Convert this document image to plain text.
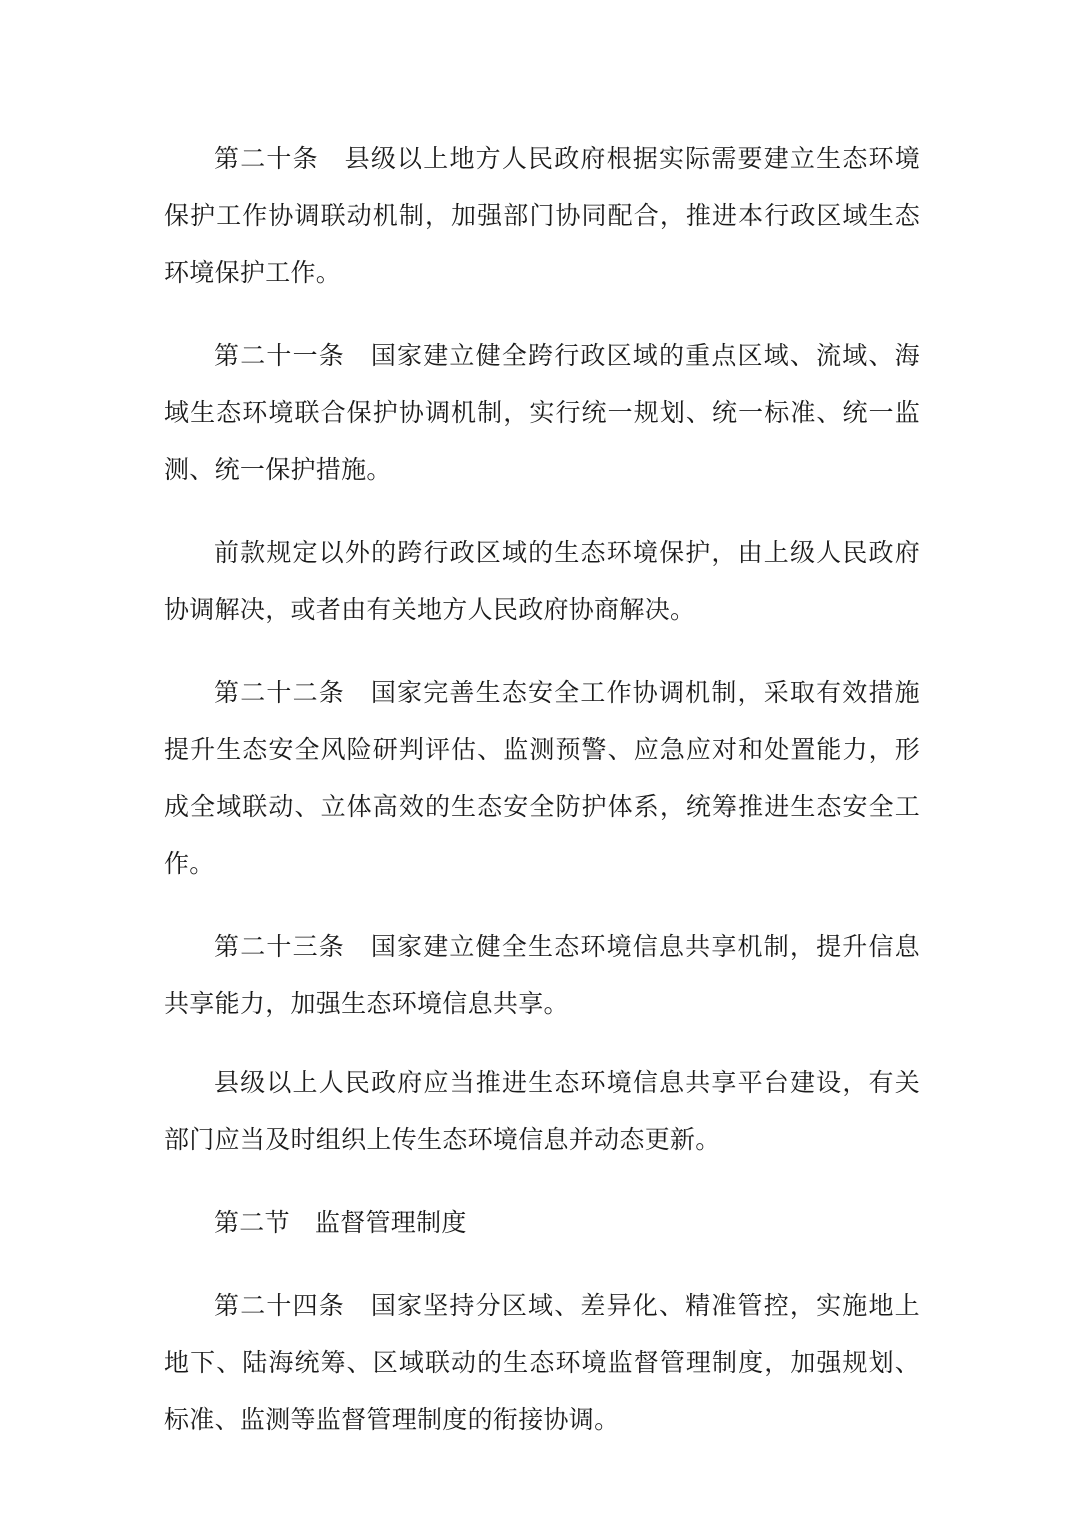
第二十条 县级以上地方人民政府根据实际需要建立生态环境保护工作协调联动机制，加强部门协同配合，推进本行政区域生态环境保护工作。

第二十一条 国家建立健全跨行政区域的重点区域、流域、海域生态环境联合保护协调机制，实行统一规划、统一标准、统一监测、统一保护措施。

前款规定以外的跨行政区域的生态环境保护，由上级人民政府协调解决，或者由有关地方人民政府协商解决。

第二十二条 国家完善生态安全工作协调机制，采取有效措施提升生态安全风险研判评估、监测预警、应急应对和处置能力，形成全域联动、立体高效的生态安全防护体系，统筹推进生态安全工作。

第二十三条 国家建立健全生态环境信息共享机制，提升信息共享能力，加强生态环境信息共享。

县级以上人民政府应当推进生态环境信息共享平台建设，有关部门应当及时组织上传生态环境信息并动态更新。

第二节 监督管理制度

第二十四条 国家坚持分区域、差异化、精准管控，实施地上地下、陆海统筹、区域联动的生态环境监督管理制度，加强规划、标准、监测等监督管理制度的衔接协调。
